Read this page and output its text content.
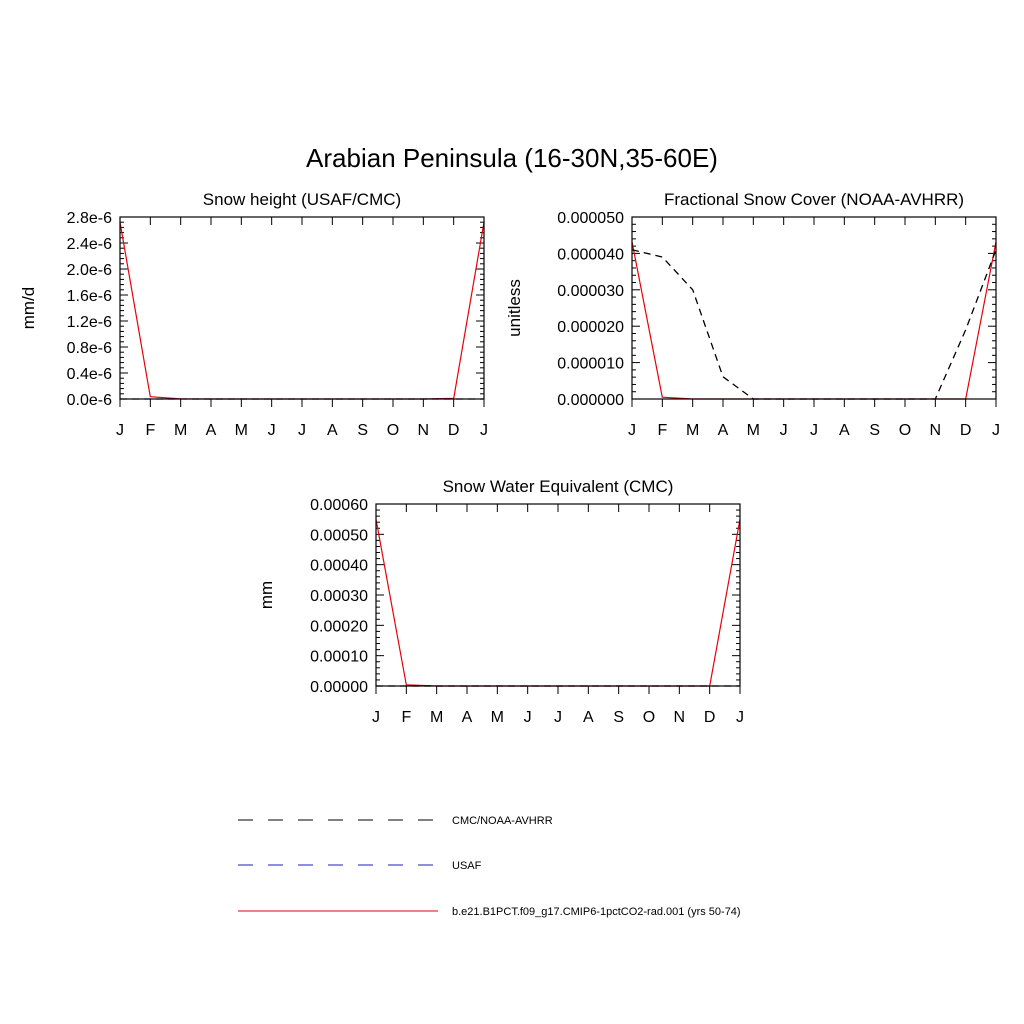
Arabian Peninsula (16-30N,35-60E)
Snow height (USAF/CMC)
mm/d
0.0e-6
0.4e-6
0.8e-6
1.2e-6
1.6e-6
2.0e-6
2.4e-6
2.8e-6
J F M A M J J A S O N D J
Fractional Snow Cover (NOAA-AVHRR)
unitless
0.000000
0.000010
0.000020
0.000030
0.000040
0.000050
J F M A M J J A S O N D J
Snow Water Equivalent (CMC)
mm
0.00000
0.00010
0.00020
0.00030
0.00040
0.00050
0.00060
J F M A M J J A S O N D J
CMC/NOAA-AVHRR
USAF
b.e21.B1PCT.f09_g17.CMIP6-1pctCO2-rad.001 (yrs 50-74)
